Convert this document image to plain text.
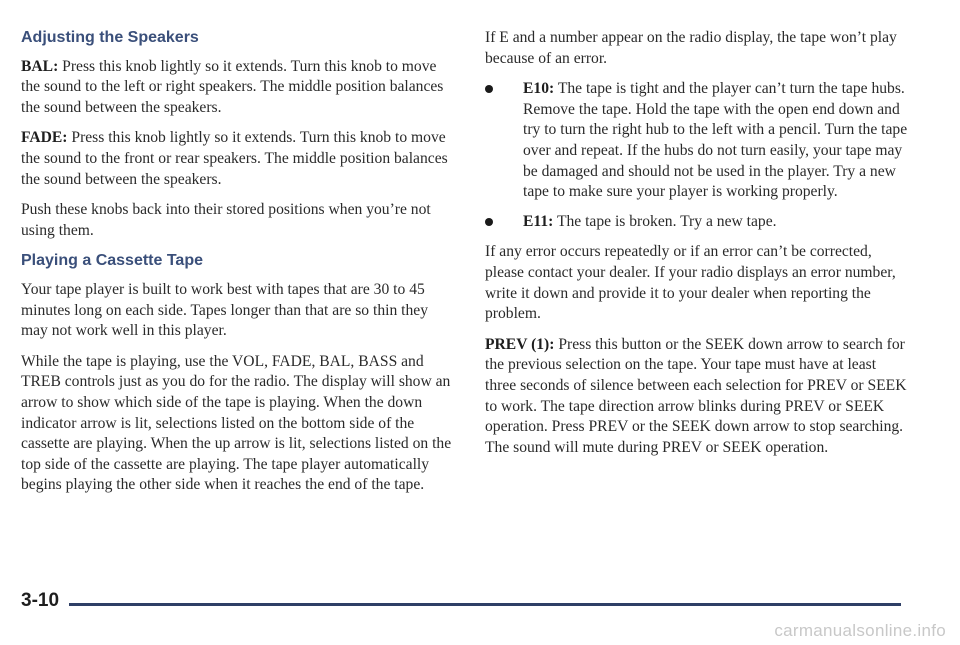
Adjusting the Speakers

BAL: Press this knob lightly so it extends. Turn this knob to move the sound to the left or right speakers. The middle position balances the sound between the speakers.

FADE: Press this knob lightly so it extends. Turn this knob to move the sound to the front or rear speakers. The middle position balances the sound between the speakers.

Push these knobs back into their stored positions when you’re not using them.

Playing a Cassette Tape

Your tape player is built to work best with tapes that are 30 to 45 minutes long on each side. Tapes longer than that are so thin they may not work well in this player.

While the tape is playing, use the VOL, FADE, BAL, BASS and TREB controls just as you do for the radio. The display will show an arrow to show which side of the tape is playing. When the down indicator arrow is lit, selections listed on the bottom side of the cassette are playing. When the up arrow is lit, selections listed on the top side of the cassette are playing. The tape player automatically begins playing the other side when it reaches the end of the tape.

If E and a number appear on the radio display, the tape won’t play because of an error.

E10: The tape is tight and the player can’t turn the tape hubs. Remove the tape. Hold the tape with the open end down and try to turn the right hub to the left with a pencil. Turn the tape over and repeat. If the hubs do not turn easily, your tape may be damaged and should not be used in the player. Try a new tape to make sure your player is working properly.
E11: The tape is broken. Try a new tape.

If any error occurs repeatedly or if an error can’t be corrected, please contact your dealer. If your radio displays an error number, write it down and provide it to your dealer when reporting the problem.

PREV (1): Press this button or the SEEK down arrow to search for the previous selection on the tape. Your tape must have at least three seconds of silence between each selection for PREV or SEEK to work. The tape direction arrow blinks during PREV or SEEK operation. Press PREV or the SEEK down arrow to stop searching. The sound will mute during PREV or SEEK operation.

3-10
carmanualsonline.info
